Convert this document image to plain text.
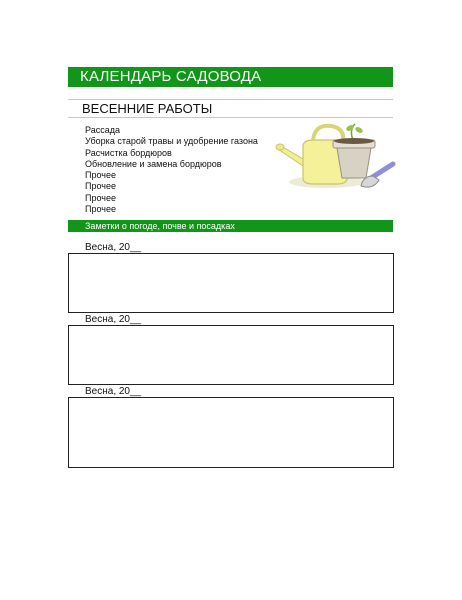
КАЛЕНДАРЬ САДОВОДА
ВЕСЕННИЕ РАБОТЫ
Рассада
Уборка старой травы и удобрение газона
Расчистка бордюров
Обновление и замена бордюров
Прочее
Прочее
Прочее
Прочее
Заметки о погоде, почве и посадках
Весна, 20__
Весна, 20__
Весна, 20__
